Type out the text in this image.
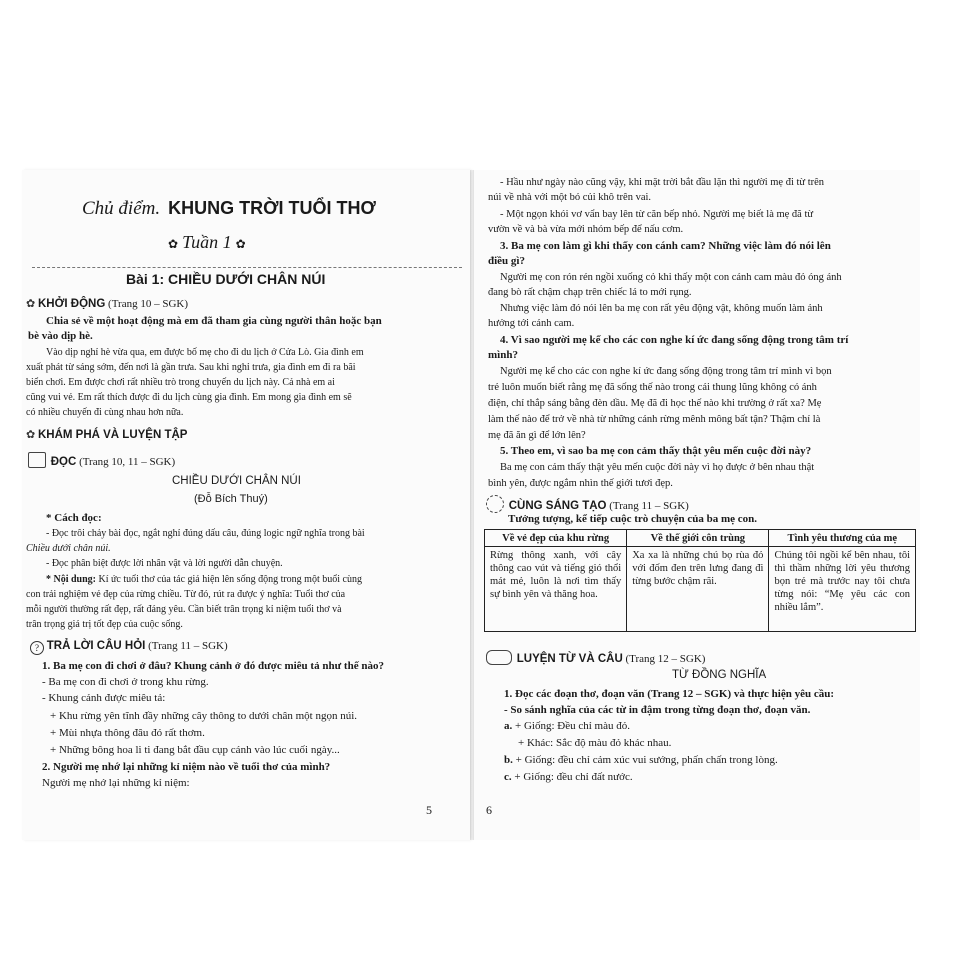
Chủ điểm. KHUNG TRỜI TUỔI THƠ
✿ Tuần 1 ✿
Bài 1: CHIỀU DƯỚI CHÂN NÚI
✿ KHỞI ĐỘNG (Trang 10 – SGK)
Chia sẻ về một hoạt động mà em đã tham gia cùng người thân hoặc bạn
bè vào dịp hè.
Vào dịp nghỉ hè vừa qua, em được bố mẹ cho đi du lịch ở Cửa Lò. Gia đình em
xuất phát từ sáng sớm, đến nơi là gần trưa. Sau khi nghỉ trưa, gia đình em đi ra bãi
biển chơi. Em được chơi rất nhiều trò trong chuyến du lịch này. Cả nhà em ai
cũng vui vẻ. Em rất thích được đi du lịch cùng gia đình. Em mong gia đình em sẽ
có nhiều chuyến đi cùng nhau hơn nữa.
✿ KHÁM PHÁ VÀ LUYỆN TẬP
ĐỌC (Trang 10, 11 – SGK)
CHIỀU DƯỚI CHÂN NÚI
(Đỗ Bích Thuý)
* Cách đọc:
- Đọc trôi chảy bài đọc, ngắt nghỉ đúng dấu câu, đúng logic ngữ nghĩa trong bài
Chiều dưới chân núi.
- Đọc phân biệt được lời nhân vật và lời người dẫn chuyện.
* Nội dung: Kí ức tuổi thơ của tác giả hiện lên sống động trong một buổi cùng
con trải nghiệm vẻ đẹp của rừng chiều. Từ đó, rút ra được ý nghĩa: Tuổi thơ của
mỗi người thường rất đẹp, rất đáng yêu. Cần biết trân trọng kỉ niệm tuổi thơ và
trân trọng giá trị tốt đẹp của cuộc sống.
? TRẢ LỜI CÂU HỎI (Trang 11 – SGK)
1. Ba mẹ con đi chơi ở đâu? Khung cảnh ở đó được miêu tả như thế nào?
- Ba mẹ con đi chơi ở trong khu rừng.
- Khung cảnh được miêu tả:
+ Khu rừng yên tĩnh đầy những cây thông to dưới chân một ngọn núi.
+ Mùi nhựa thông đâu đó rất thơm.
+ Những bông hoa li ti đang bắt đầu cụp cánh vào lúc cuối ngày...
2. Người mẹ nhớ lại những kỉ niệm nào về tuổi thơ của mình?
Người mẹ nhớ lại những kỉ niệm:
5
- Hầu như ngày nào cũng vậy, khi mặt trời bắt đầu lặn thì người mẹ đi từ trên
núi về nhà với một bó củi khô trên vai.
- Một ngọn khói vơ vẩn bay lên từ căn bếp nhỏ. Người mẹ biết là mẹ đã từ
vườn về và bà vừa mới nhóm bếp để nấu cơm.
3. Ba mẹ con làm gì khi thấy con cánh cam? Những việc làm đó nói lên
điều gì?
Người mẹ con rón rén ngồi xuống cỏ khi thấy một con cánh cam màu đỏ óng ánh
đang bò rất chậm chạp trên chiếc lá to mới rụng.
Nhưng việc làm đó nói lên ba mẹ con rất yêu động vật, không muốn làm ảnh
hưởng tới cánh cam.
4. Vì sao người mẹ kể cho các con nghe kí ức đang sống động trong tâm trí
mình?
Người mẹ kể cho các con nghe kí ức đang sống động trong tâm trí mình vì bọn
trẻ luôn muốn biết rằng mẹ đã sống thế nào trong cái thung lũng không có ánh
điện, chỉ thắp sáng bằng đèn dầu. Mẹ đã đi học thế nào khi trường ở rất xa? Mẹ
làm thế nào để trở về nhà từ những cánh rừng mênh mông bất tận? Thậm chí là
mẹ đã ăn gì để lớn lên?
5. Theo em, vì sao ba mẹ con cảm thấy thật yêu mến cuộc đời này?
Ba mẹ con cảm thấy thật yêu mến cuộc đời này vì họ được ở bên nhau thật
bình yên, được ngắm nhìn thế giới tươi đẹp.
CÙNG SÁNG TẠO (Trang 11 – SGK)
Tưởng tượng, kể tiếp cuộc trò chuyện của ba mẹ con.
Về vẻ đẹp của khu rừng	Về thế giới côn trùng	Tình yêu thương của mẹ
Rừng thông xanh, với cây thông cao vút và tiếng gió thổi mát mẻ, luôn là nơi tìm thấy sự bình yên và thăng hoa.	Xa xa là những chú bọ rùa đỏ với đốm đen trên lưng đang đi từng bước chậm rãi.	Chúng tôi ngồi kể bên nhau, tôi thì thầm những lời yêu thương bọn trẻ mà trước nay tôi chưa từng nói: “Mẹ yêu các con nhiều lắm”.
LUYỆN TỪ VÀ CÂU (Trang 12 – SGK)
TỪ ĐỒNG NGHĨA
1. Đọc các đoạn thơ, đoạn văn (Trang 12 – SGK) và thực hiện yêu cầu:
- So sánh nghĩa của các từ in đậm trong từng đoạn thơ, đoạn văn.
a. + Giống: Đều chỉ màu đỏ.
+ Khác: Sắc độ màu đỏ khác nhau.
b. + Giống: đều chỉ cảm xúc vui sướng, phấn chấn trong lòng.
c. + Giống: đều chỉ đất nước.
6
